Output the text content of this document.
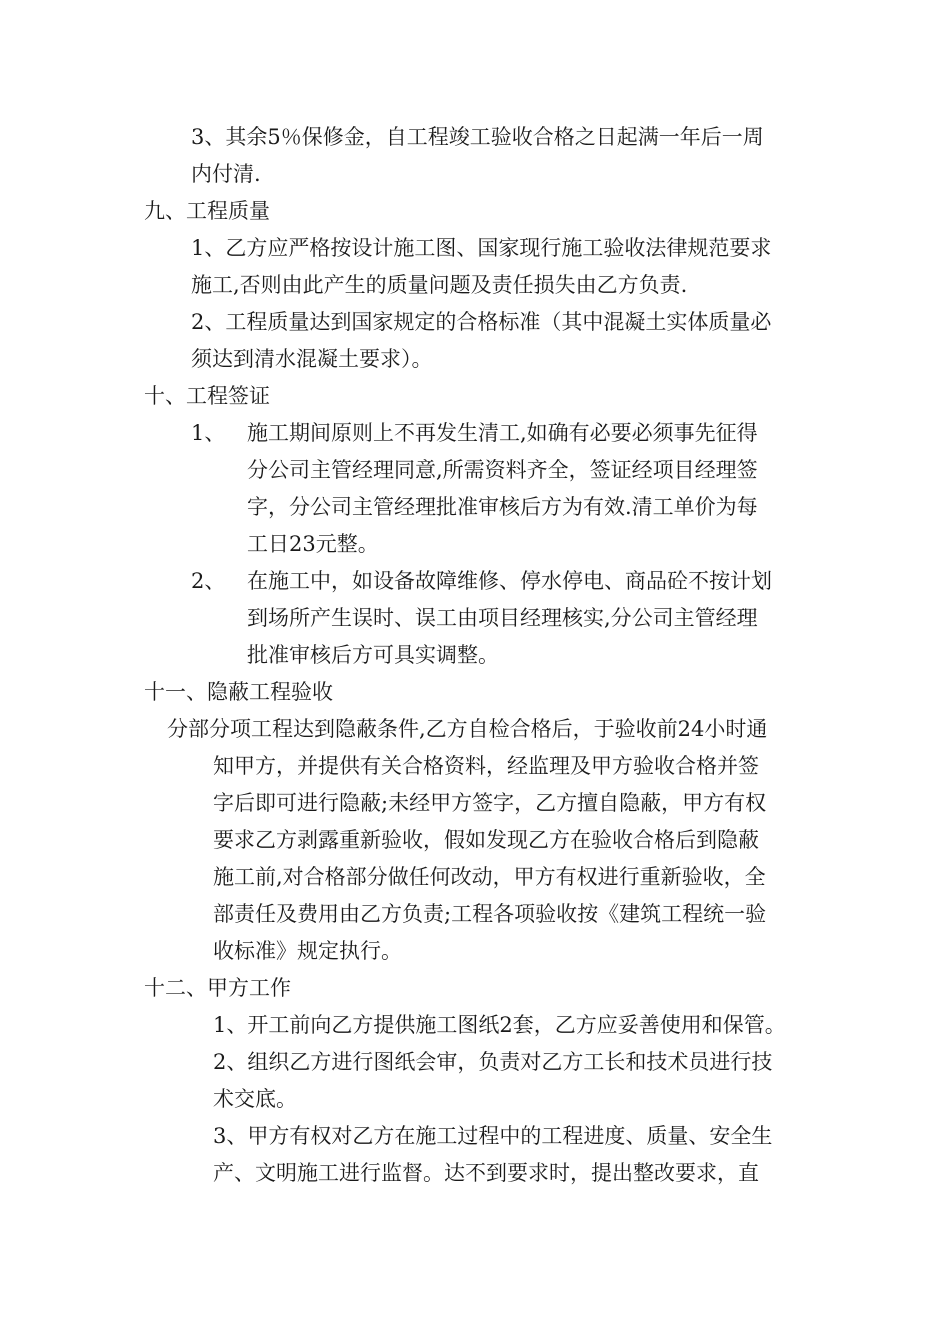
3、其余5％保修金，自工程竣工验收合格之日起满一年后一周
内付清.
九、工程质量
1、乙方应严格按设计施工图、国家现行施工验收法律规范要求
施工,否则由此产生的质量问题及责任损失由乙方负责.
2、工程质量达到国家规定的合格标准（其中混凝土实体质量必
须达到清水混凝土要求）。
十、工程签证
1、 施工期间原则上不再发生清工,如确有必要必须事先征得
分公司主管经理同意,所需资料齐全，签证经项目经理签
字，分公司主管经理批准审核后方为有效.清工单价为每
工日23元整。
2、 在施工中，如设备故障维修、停水停电、商品砼不按计划
到场所产生误时、误工由项目经理核实,分公司主管经理
批准审核后方可具实调整。
十一、隐蔽工程验收
分部分项工程达到隐蔽条件,乙方自检合格后，于验收前24小时通
知甲方，并提供有关合格资料，经监理及甲方验收合格并签
字后即可进行隐蔽;未经甲方签字，乙方擅自隐蔽，甲方有权
要求乙方剥露重新验收，假如发现乙方在验收合格后到隐蔽
施工前,对合格部分做任何改动，甲方有权进行重新验收，全
部责任及费用由乙方负责;工程各项验收按《建筑工程统一验
收标准》规定执行。
十二、甲方工作
1、开工前向乙方提供施工图纸2套，乙方应妥善使用和保管。
2、组织乙方进行图纸会审，负责对乙方工长和技术员进行技
术交底。
3、甲方有权对乙方在施工过程中的工程进度、质量、安全生
产、文明施工进行监督。达不到要求时，提出整改要求，直
